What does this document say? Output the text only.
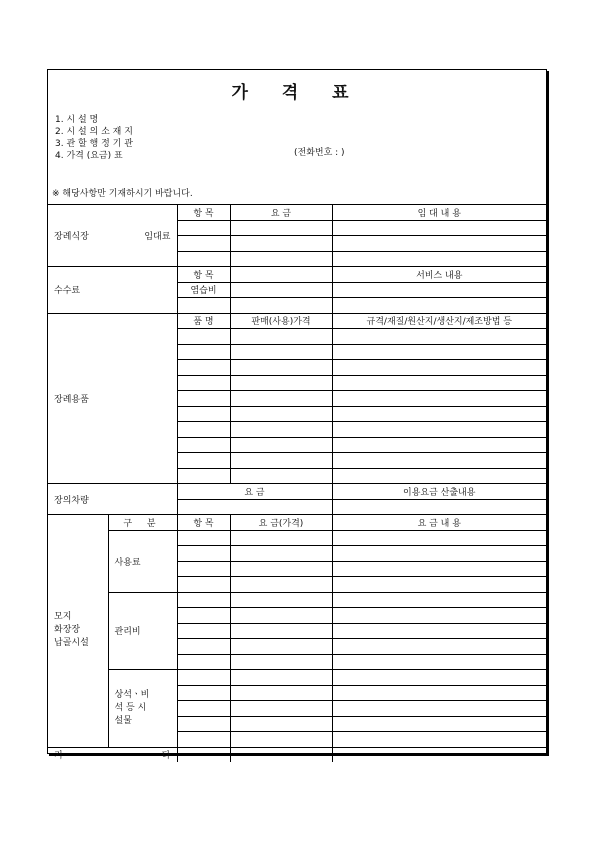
가 격 표
1. 시 설 명
2. 시 설 의 소 재 지
3. 관 할 행 정 기 관
4. 가격 (요금) 표	(전화번호 : )
※ 해당사항만 기재하시기 바랍니다.
장례식장 임대료		항 목	요 금	임 대 내 용

수수료		항 목		서비스 내용
		염습비		

장례용품		품 명	판매(사용)가격	규격/재질/원산지/생산지/제조방법 등

장의차량		요 금		이용요금 산출내용

모지
화장장
납골시설	구 분	항 목	요 금(가격)	요 금 내 용
	사용료			

	관리비			

	상석ㆍ비
석 등 시
설물			

기 타				
